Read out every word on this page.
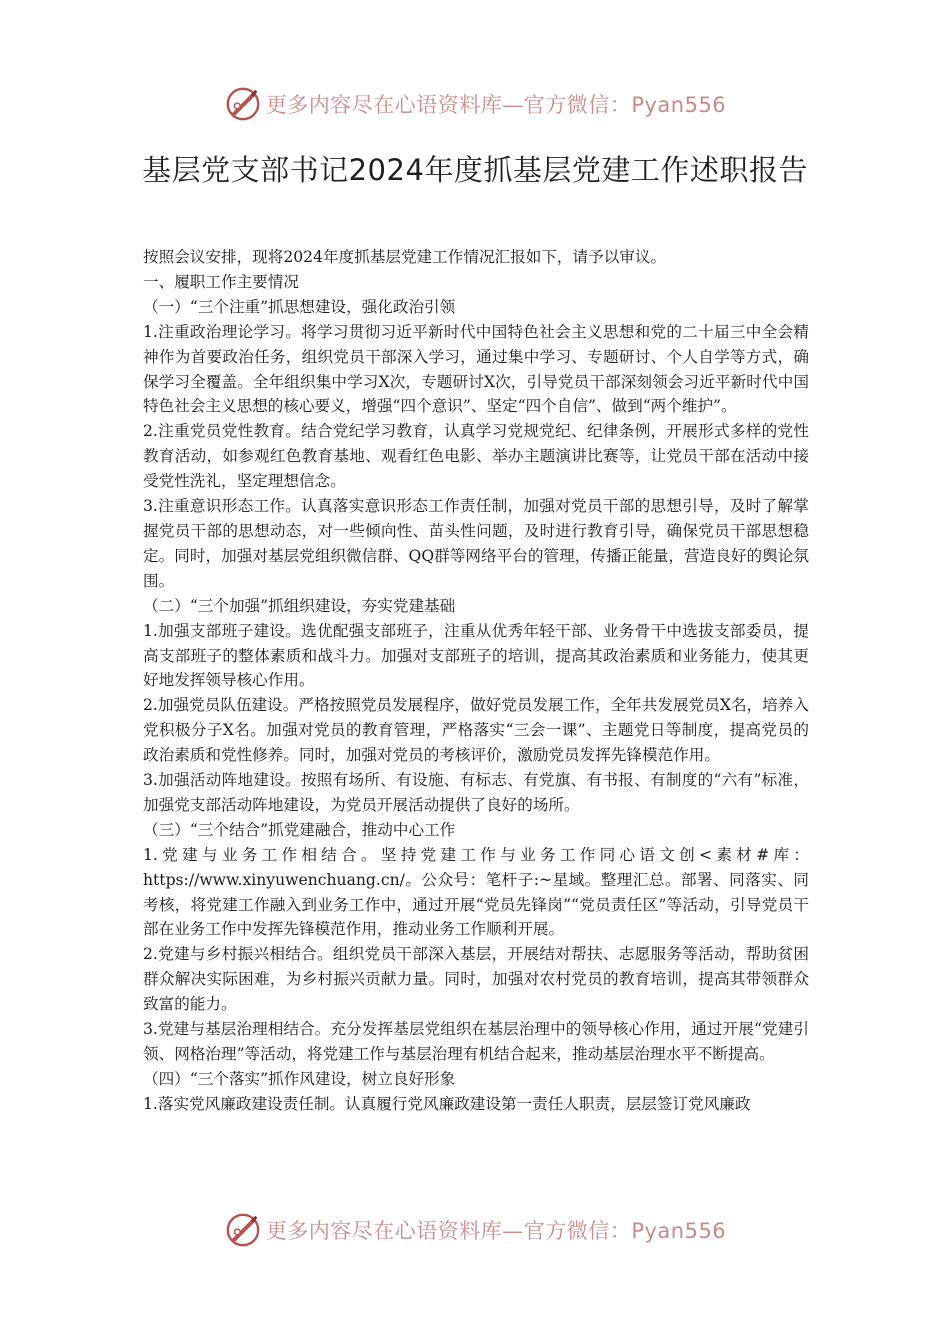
更多内容尽在心语资料库—官方微信：Pyan556
基层党支部书记2024年度抓基层党建工作述职报告

按照会议安排，现将2024年度抓基层党建工作情况汇报如下，请予以审议。

一、履职工作主要情况

（一）“三个注重”抓思想建设，强化政治引领

1.注重政治理论学习。将学习贯彻习近平新时代中国特色社会主义思想和党的二十届三中全会精神作为首要政治任务，组织党员干部深入学习，通过集中学习、专题研讨、个人自学等方式，确保学习全覆盖。全年组织集中学习X次，专题研讨X次，引导党员干部深刻领会习近平新时代中国特色社会主义思想的核心要义，增强“四个意识”、坚定“四个自信”、做到“两个维护”。

2.注重党员党性教育。结合党纪学习教育，认真学习党规党纪、纪律条例，开展形式多样的党性教育活动，如参观红色教育基地、观看红色电影、举办主题演讲比赛等，让党员干部在活动中接受党性洗礼，坚定理想信念。

3.注重意识形态工作。认真落实意识形态工作责任制，加强对党员干部的思想引导，及时了解掌握党员干部的思想动态，对一些倾向性、苗头性问题，及时进行教育引导，确保党员干部思想稳定。同时，加强对基层党组织微信群、QQ群等网络平台的管理，传播正能量，营造良好的舆论氛围。

（二）“三个加强”抓组织建设，夯实党建基础

1.加强支部班子建设。选优配强支部班子，注重从优秀年轻干部、业务骨干中选拔支部委员，提高支部班子的整体素质和战斗力。加强对支部班子的培训，提高其政治素质和业务能力，使其更好地发挥领导核心作用。

2.加强党员队伍建设。严格按照党员发展程序，做好党员发展工作，全年共发展党员X名，培养入党积极分子X名。加强对党员的教育管理，严格落实“三会一课”、主题党日等制度，提高党员的政治素质和党性修养。同时，加强对党员的考核评价，激励党员发挥先锋模范作用。

3.加强活动阵地建设。按照有场所、有设施、有标志、有党旗、有书报、有制度的“六有”标准，加强党支部活动阵地建设，为党员开展活动提供了良好的场所。

（三）“三个结合”抓党建融合，推动中心工作

1.党建与业务工作相结合。坚持党建工作与业务工作同心语文创<素材#库：https://www.xinyuwenchuang.cn/。公众号：笔杆子:~星域。整理汇总。部署、同落实、同考核，将党建工作融入到业务工作中，通过开展“党员先锋岗”“党员责任区”等活动，引导党员干部在业务工作中发挥先锋模范作用，推动业务工作顺利开展。

2.党建与乡村振兴相结合。组织党员干部深入基层，开展结对帮扶、志愿服务等活动，帮助贫困群众解决实际困难，为乡村振兴贡献力量。同时，加强对农村党员的教育培训，提高其带领群众致富的能力。

3.党建与基层治理相结合。充分发挥基层党组织在基层治理中的领导核心作用，通过开展“党建引领、网格治理”等活动，将党建工作与基层治理有机结合起来，推动基层治理水平不断提高。

（四）“三个落实”抓作风建设，树立良好形象

1.落实党风廉政建设责任制。认真履行党风廉政建设第一责任人职责，层层签订党风廉政

更多内容尽在心语资料库—官方微信：Pyan556
